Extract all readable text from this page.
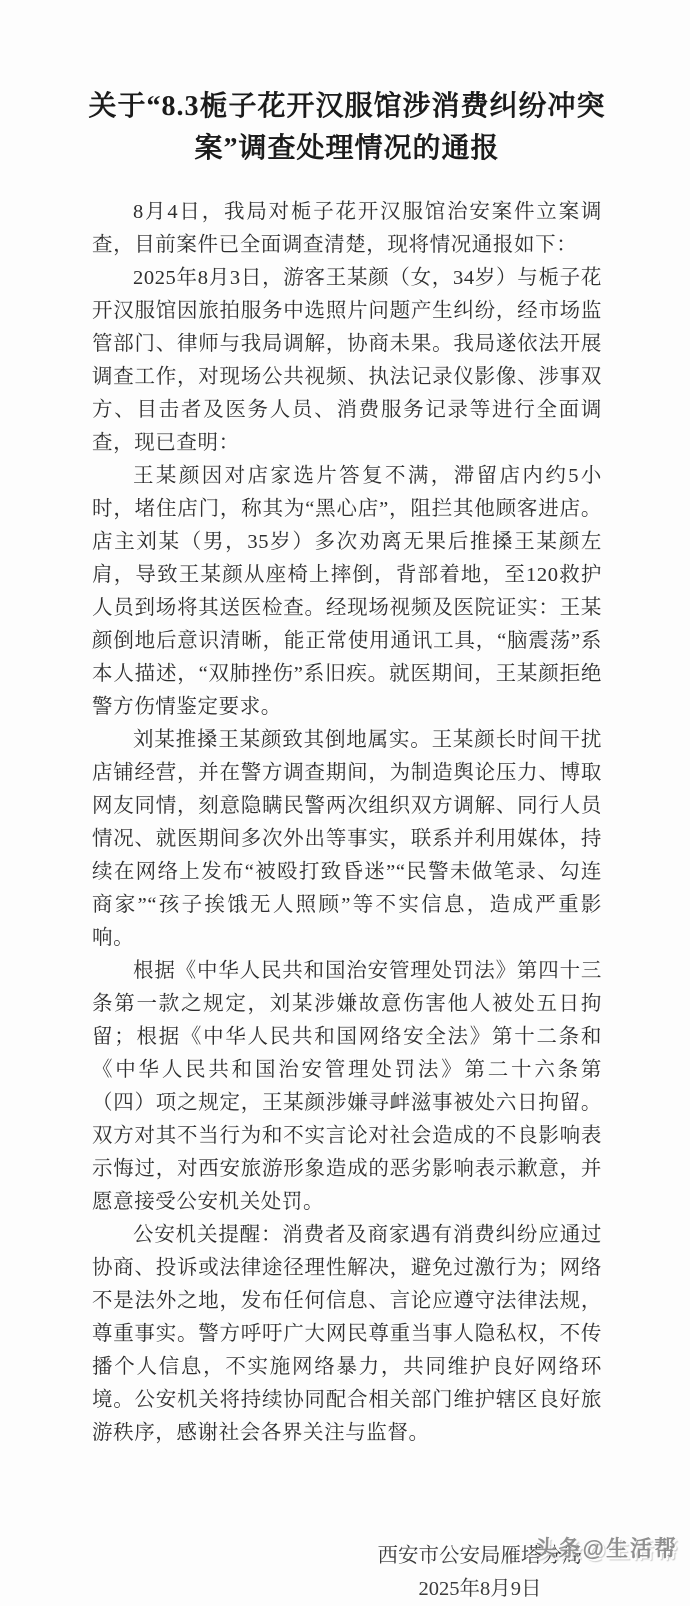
关于“8.3栀子花开汉服馆涉消费纠纷冲突
案”调查处理情况的通报

8月4日，我局对栀子花开汉服馆治安案件立案调查，目前案件已全面调查清楚，现将情况通报如下：

2025年8月3日，游客王某颜（女，34岁）与栀子花开汉服馆因旅拍服务中选照片问题产生纠纷，经市场监管部门、律师与我局调解，协商未果。我局遂依法开展调查工作，对现场公共视频、执法记录仪影像、涉事双方、目击者及医务人员、消费服务记录等进行全面调查，现已查明：

王某颜因对店家选片答复不满，滞留店内约5小时，堵住店门，称其为“黑心店”，阻拦其他顾客进店。店主刘某（男，35岁）多次劝离无果后推搡王某颜左肩，导致王某颜从座椅上摔倒，背部着地，至120救护人员到场将其送医检查。经现场视频及医院证实：王某颜倒地后意识清晰，能正常使用通讯工具，“脑震荡”系本人描述，“双肺挫伤”系旧疾。就医期间，王某颜拒绝警方伤情鉴定要求。

刘某推搡王某颜致其倒地属实。王某颜长时间干扰店铺经营，并在警方调查期间，为制造舆论压力、博取网友同情，刻意隐瞒民警两次组织双方调解、同行人员情况、就医期间多次外出等事实，联系并利用媒体，持续在网络上发布“被殴打致昏迷”“民警未做笔录、勾连商家”“孩子挨饿无人照顾”等不实信息，造成严重影响。

根据《中华人民共和国治安管理处罚法》第四十三条第一款之规定，刘某涉嫌故意伤害他人被处五日拘留；根据《中华人民共和国网络安全法》第十二条和《中华人民共和国治安管理处罚法》第二十六条第（四）项之规定，王某颜涉嫌寻衅滋事被处六日拘留。双方对其不当行为和不实言论对社会造成的不良影响表示悔过，对西安旅游形象造成的恶劣影响表示歉意，并愿意接受公安机关处罚。

公安机关提醒：消费者及商家遇有消费纠纷应通过协商、投诉或法律途径理性解决，避免过激行为；网络不是法外之地，发布任何信息、言论应遵守法律法规，尊重事实。警方呼吁广大网民尊重当事人隐私权，不传播个人信息，不实施网络暴力，共同维护良好网络环境。公安机关将持续协同配合相关部门维护辖区良好旅游秩序，感谢社会各界关注与监督。

西安市公安局雁塔分局
2025年8月9日
头条@生活帮
